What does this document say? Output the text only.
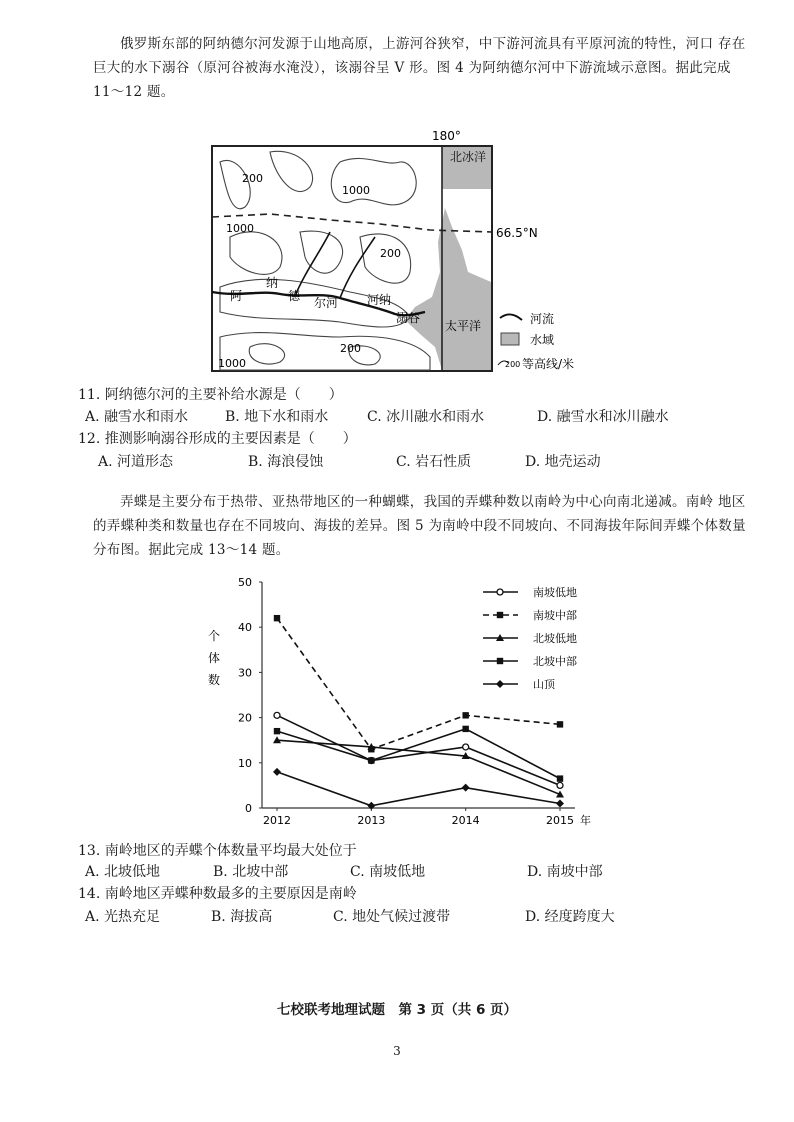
俄罗斯东部的阿纳德尔河发源于山地高原，上游河谷狭窄，中下游河流具有平原河流的特性，河口 存在巨大的水下溺谷（原河谷被海水淹没），该溺谷呈 V 形。图 4 为阿纳德尔河中下游流域示意图。据此完成 11～12 题。
180°
北冰洋
66.5°N
太平洋
200
1000
1000
200
200
1000
阿
纳
德 尔河 河纳
溺谷	河流
水域
200 等高线/米
11. 阿纳德尔河的主要补给水源是（　　）
A. 融雪水和雨水	B. 地下水和雨水	C. 冰川融水和雨水	D. 融雪水和冰川融水
12. 推测影响溺谷形成的主要因素是（　　）
A. 河道形态	B. 海浪侵蚀	C. 岩石性质	D. 地壳运动
弄蝶是主要分布于热带、亚热带地区的一种蝴蝶，我国的弄蝶种数以南岭为中心向南北递减。南岭 地区的弄蝶种类和数量也存在不同坡向、海拔的差异。图 5 为南岭中段不同坡向、不同海拔年际间弄蝶个体数量分布图。据此完成 13～14 题。
0
10
20
30
40
50
2012	2013	2014	2015 年
南坡低地
南坡中部
北坡低地
北坡中部
山顶
个
体
数
13. 南岭地区的弄蝶个体数量平均最大处位于
A. 北坡低地	B. 北坡中部	C. 南坡低地	D. 南坡中部
14. 南岭地区弄蝶种数最多的主要原因是南岭
A. 光热充足	B. 海拔高	C. 地处气候过渡带	D. 经度跨度大
七校联考地理试题　第 3 页（共 6 页）
3
